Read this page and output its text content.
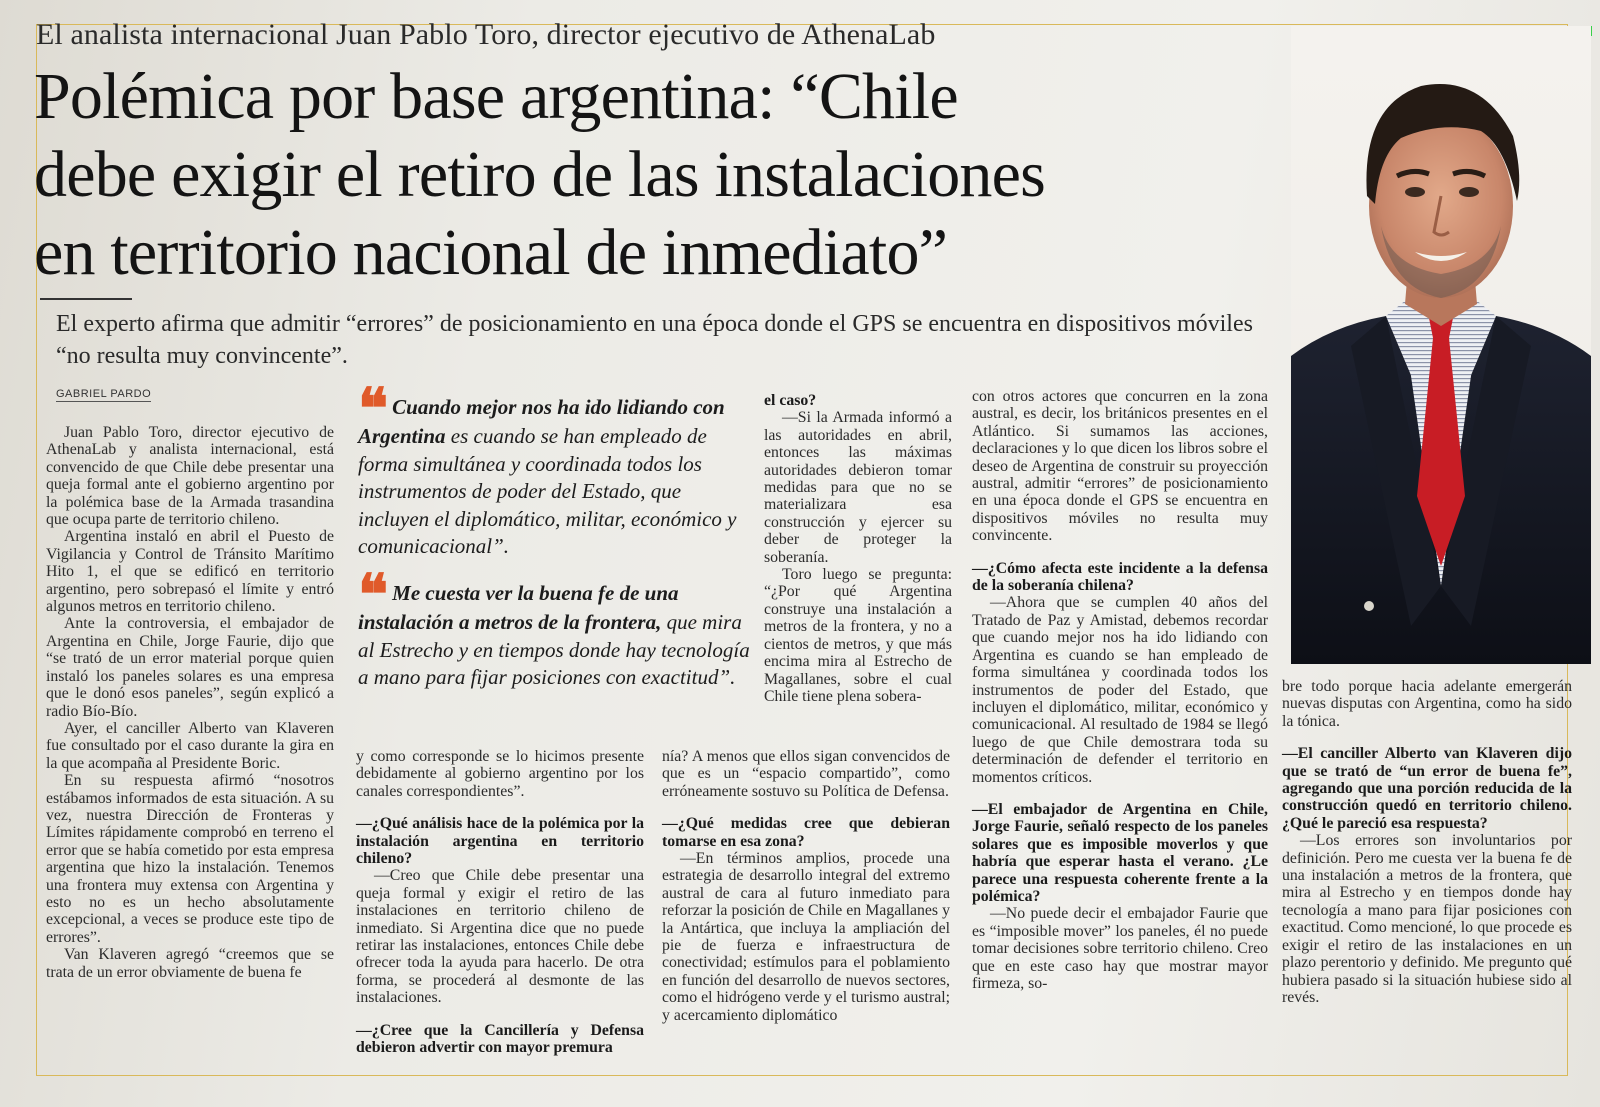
El analista internacional Juan Pablo Toro, director ejecutivo de AthenaLab
Polémica por base argentina: “Chile
debe exigir el retiro de las instalaciones
en territorio nacional de inmediato”
El experto afirma que admitir “errores” de posicionamiento en una época donde el GPS se encuentra en dispositivos móviles “no resulta muy convincente”.
GABRIEL PARDO

Juan Pablo Toro, director ejecutivo de AthenaLab y analista internacional, está convencido de que Chile debe presentar una queja formal ante el gobierno argentino por la polémica base de la Armada trasandina que ocupa parte de territorio chileno.

Argentina instaló en abril el Puesto de Vigilancia y Control de Tránsito Marítimo Hito 1, el que se edificó en territorio argentino, pero sobrepasó el límite y entró algunos metros en territorio chileno.

Ante la controversia, el embajador de Argentina en Chile, Jorge Faurie, dijo que “se trató de un error material porque quien instaló los paneles solares es una empresa que le donó esos paneles”, según explicó a radio Bío-Bío.

Ayer, el canciller Alberto van Klaveren fue consultado por el caso durante la gira en la que acompaña al Presidente Boric.

En su respuesta afirmó “nosotros estábamos informados de esta situación. A su vez, nuestra Dirección de Fronteras y Límites rápidamente comprobó en terreno el error que se había cometido por esta empresa argentina que hizo la instalación. Tenemos una frontera muy extensa con Argentina y esto no es un hecho absolutamente excepcional, a veces se produce este tipo de errores”.

Van Klaveren agregó “creemos que se trata de un error obviamente de buena fe

❝ Cuando mejor nos ha ido lidiando con Argentina es cuando se han empleado de forma simultánea y coordinada todos los instrumentos de poder del Estado, que incluyen el diplomático, militar, económico y comunicacional”.
❝ Me cuesta ver la buena fe de una instalación a metros de la frontera, que mira al Estrecho y en tiempos donde hay tecnología a mano para fijar posiciones con exactitud”.

y como corresponde se lo hicimos presente debidamente al gobierno argentino por los canales correspondientes”.

—¿Qué análisis hace de la polémica por la instalación argentina en territorio chileno?

—Creo que Chile debe presentar una queja formal y exigir el retiro de las instalaciones en territorio chileno de inmediato. Si Argentina dice que no puede retirar las instalaciones, entonces Chile debe ofrecer toda la ayuda para hacerlo. De otra forma, se procederá al desmonte de las instalaciones.

—¿Cree que la Cancillería y Defensa debieron advertir con mayor premura

el caso?

—Si la Armada informó a las autoridades en abril, entonces las máximas autoridades debieron tomar medidas para que no se materializara esa construcción y ejercer su deber de proteger la soberanía.

Toro luego se pregunta: “¿Por qué Argentina construye una instalación a metros de la frontera, y no a cientos de metros, y que más encima mira al Estrecho de Magallanes, sobre el cual Chile tiene plena sobera-

nía? A menos que ellos sigan convencidos de que es un “espacio compartido”, como erróneamente sostuvo su Política de Defensa.

—¿Qué medidas cree que debieran tomarse en esa zona?

—En términos amplios, procede una estrategia de desarrollo integral del extremo austral de cara al futuro inmediato para reforzar la posición de Chile en Magallanes y la Antártica, que incluya la ampliación del pie de fuerza e infraestructura de conectividad; estímulos para el poblamiento en función del desarrollo de nuevos sectores, como el hidrógeno verde y el turismo austral; y acercamiento diplomático

con otros actores que concurren en la zona austral, es decir, los británicos presentes en el Atlántico. Si sumamos las acciones, declaraciones y lo que dicen los libros sobre el deseo de Argentina de construir su proyección austral, admitir “errores” de posicionamiento en una época donde el GPS se encuentra en dispositivos móviles no resulta muy convincente.

—¿Cómo afecta este incidente a la defensa de la soberanía chilena?

—Ahora que se cumplen 40 años del Tratado de Paz y Amistad, debemos recordar que cuando mejor nos ha ido lidiando con Argentina es cuando se han empleado de forma simultánea y coordinada todos los instrumentos de poder del Estado, que incluyen el diplomático, militar, económico y comunicacional. Al resultado de 1984 se llegó luego de que Chile demostrara toda su determinación de defender el territorio en momentos críticos.

—El embajador de Argentina en Chile, Jorge Faurie, señaló respecto de los paneles solares que es imposible moverlos y que habría que esperar hasta el verano. ¿Le parece una respuesta coherente frente a la polémica?

—No puede decir el embajador Faurie que es “imposible mover” los paneles, él no puede tomar decisiones sobre territorio chileno. Creo que en este caso hay que mostrar mayor firmeza, so-

bre todo porque hacia adelante emergerán nuevas disputas con Argentina, como ha sido la tónica.

—El canciller Alberto van Klaveren dijo que se trató de “un error de buena fe”, agregando que una porción reducida de la construcción quedó en territorio chileno. ¿Qué le pareció esa respuesta?

—Los errores son involuntarios por definición. Pero me cuesta ver la buena fe de una instalación a metros de la frontera, que mira al Estrecho y en tiempos donde hay tecnología a mano para fijar posiciones con exactitud. Como mencioné, lo que procede es exigir el retiro de las instalaciones en un plazo perentorio y definido. Me pregunto qué hubiera pasado si la situación hubiese sido al revés.
